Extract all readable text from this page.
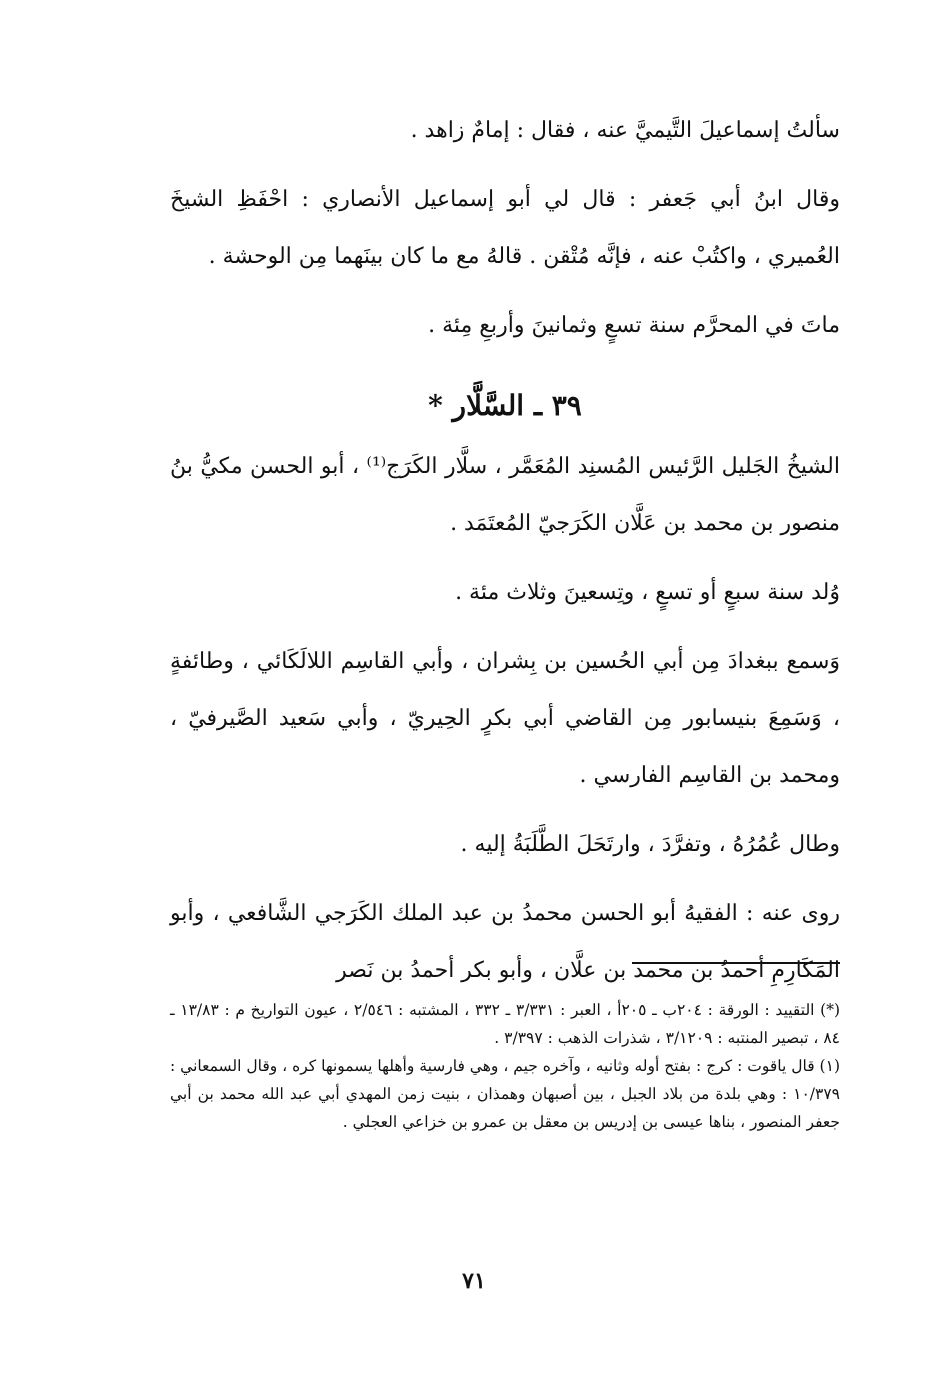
سألتُ إسماعيلَ التَّيميَّ عنه ، فقال : إمامٌ زاهد .

وقال ابنُ أبي جَعفر : قال لي أبو إسماعيل الأنصاري : احْفَظِ الشيخَ العُميري ، واكتُبْ عنه ، فإنَّه مُتْقن . قالهُ مع ما كان بينَهما مِن الوحشة .

ماتَ في المحرَّم سنة تسعٍ وثمانينَ وأربعِ مِئة .

٣٩ ـ السَّلَّار *

الشيخُ الجَليل الرَّئيس المُسنِد المُعَمَّر ، سلَّار الكَرَج⁽¹⁾ ، أبو الحسن مكيُّ بنُ منصور بن محمد بن عَلَّان الكَرَجيّ المُعتَمَد .

وُلد سنة سبعٍ أو تسعٍ ، وتِسعينَ وثلاث مئة .

وَسمع ببغدادَ مِن أبي الحُسين بن بِشران ، وأبي القاسِم اللالَكَائي ، وطائفةٍ ، وَسَمِعَ بنيسابور مِن القاضي أبي بكرٍ الحِيريّ ، وأبي سَعيد الصَّيرفيّ ، ومحمد بن القاسِم الفارسي .

وطال عُمُرُهُ ، وتفرَّدَ ، وارتَحَلَ الطَّلَبَةُ إليه .

روى عنه : الفقيهُ أبو الحسن محمدُ بن عبد الملك الكَرَجي الشَّافعي ، وأبو المَكَارِمِ أحمدُ بن محمد بن علَّان ، وأبو بكر أحمدُ بن نَصر

(*) التقييد : الورقة : ٢٠٤ب ـ ٢٠٥أ ، العبر : ٣/٣٣١ ـ ٣٣٢ ، المشتبه : ٢/٥٤٦ ، عيون التواريخ م : ١٣/٨٣ ـ ٨٤ ، تبصير المنتبه : ٣/١٢٠٩ ، شذرات الذهب : ٣/٣٩٧ .

(١) قال ياقوت : كرج : بفتح أوله وثانيه ، وآخره جيم ، وهي فارسية وأهلها يسمونها كره ، وقال السمعاني : ١٠/٣٧٩ : وهي بلدة من بلاد الجبل ، بين أصبهان وهمذان ، بنيت زمن المهدي أبي عبد الله محمد بن أبي جعفر المنصور ، بناها عيسى بن إدريس بن معقل بن عمرو بن خزاعي العجلي .

٧١
